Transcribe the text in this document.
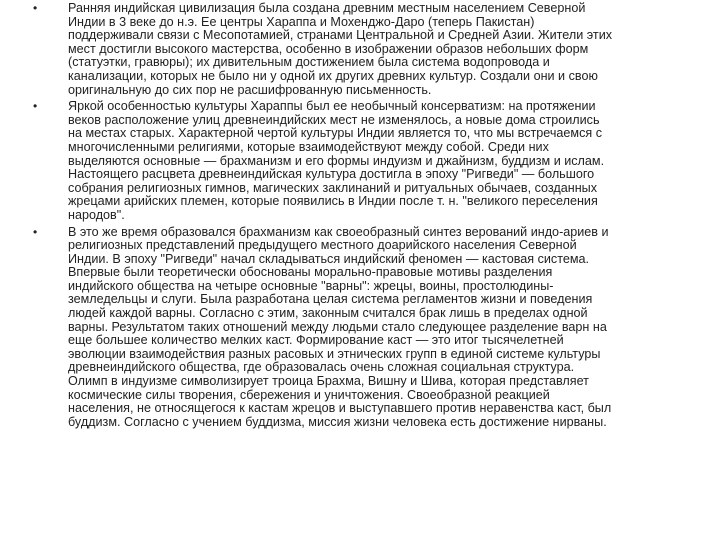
• Ранняя индийская цивилизация была создана древним местным населением Северной
Индии в 3 веке до н.э. Ее центры Хараппа и Мохенджо-Даро (теперь Пакистан)
поддерживали связи с Месопотамией, странами Центральной и Средней Азии. Жители этих
мест достигли высокого мастерства, особенно в изображении образов небольших форм
(статуэтки, гравюры); их дивительным достижением была система водопровода и
канализации, которых не было ни у одной их других древних культур. Создали они и свою
оригинальную до сих пор не расшифрованную письменность.
• Яркой особенностью культуры Хараппы был ее необычный консерватизм: на протяжении
веков расположение улиц древнеиндийских мест не изменялось, а новые дома строились
на местах старых. Характерной чертой культуры Индии является то, что мы встречаемся с
многочисленными религиями, которые взаимодействуют между собой. Среди них
выделяются основные — брахманизм и его формы индуизм и джайнизм, буддизм и ислам.
Настоящего расцвета древнеиндийская культура достигла в эпоху "Ригведи" — большого
собрания религиозных гимнов, магических заклинаний и ритуальных обычаев, созданных
жрецами арийских племен, которые появились в Индии после т. н. "великого переселения
народов".
• В это же время образовался брахманизм как своеобразный синтез верований индо-ариев и
религиозных представлений предыдущего местного доарийского населения Северной
Индии. В эпоху "Ригведи" начал складываться индийский феномен — кастовая система.
Впервые были теоретически обоснованы морально-правовые мотивы разделения
индийского общества на четыре основные "варны": жрецы, воины, простолюдины-
земледельцы и слуги. Была разработана целая система регламентов жизни и поведения
людей каждой варны. Согласно с этим, законным считался брак лишь в пределах одной
варны. Результатом таких отношений между людьми стало следующее разделение варн на
еще большее количество мелких каст. Формирование каст — это итог тысячелетней
эволюции взаимодействия разных расовых и этнических групп в единой системе культуры
древнеиндийского общества, где образовалась очень сложная социальная структура.
Олимп в индуизме символизирует троица Брахма, Вишну и Шива, которая представляет
космические силы творения, сбережения и уничтожения. Своеобразной реакцией
населения, не относящегося к кастам жрецов и выступавшего против неравенства каст, был
буддизм. Согласно с учением буддизма, миссия жизни человека есть достижение нирваны.
